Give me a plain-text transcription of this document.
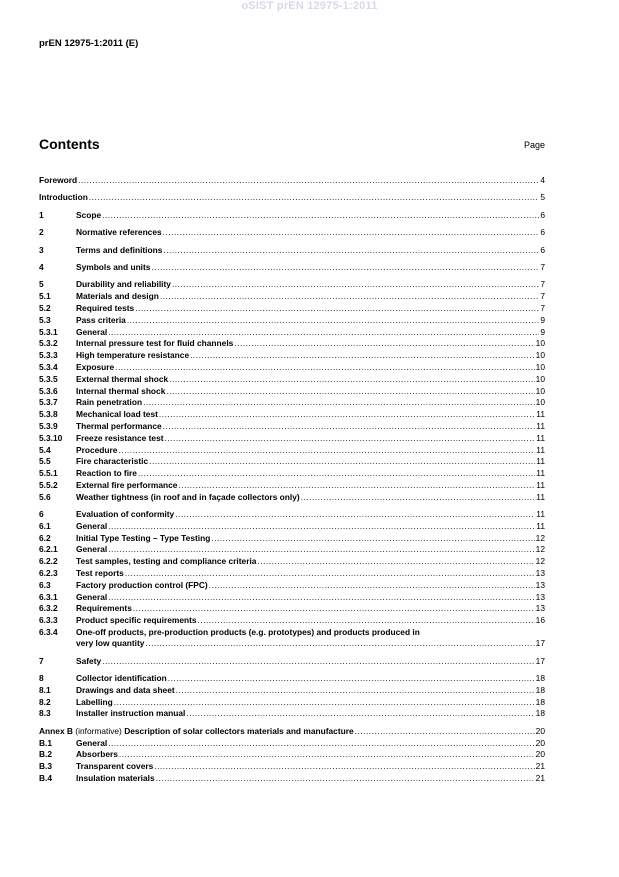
oSIST prEN 12975-1:2011
prEN 12975-1:2011 (E)
Contents	Page
Foreword .....	4
Introduction .....	5
1	Scope .....	6
2	Normative references .....	6
3	Terms and definitions .....	6
4	Symbols and units .....	7
5	Durability and reliability .....	7
5.1	Materials and design .....	7
5.2	Required tests .....	7
5.3	Pass criteria .....	9
5.3.1 General .....	9
5.3.2 Internal pressure test for fluid channels .....	10
5.3.3 High temperature resistance .....	10
5.3.4 Exposure .....	10
5.3.5 External thermal shock .....	10
5.3.6 Internal thermal shock .....	10
5.3.7 Rain penetration .....	10
5.3.8 Mechanical load test .....	11
5.3.9 Thermal performance .....	11
5.3.10 Freeze resistance test .....	11
5.4	Procedure .....	11
5.5	Fire characteristic .....	11
5.5.1 Reaction to fire .....	11
5.5.2 External fire performance .....	11
5.6	Weather tightness (in roof and in façade collectors only) .....	11
6	Evaluation of conformity .....	11
6.1	General .....	11
6.2	Initial Type Testing – Type Testing .....	12
6.2.1 General .....	12
6.2.2 Test samples, testing and compliance criteria .....	12
6.2.3 Test reports .....	13
6.3	Factory production control (FPC) .....	13
6.3.1 General .....	13
6.3.2 Requirements .....	13
6.3.3 Product specific requirements .....	16
6.3.4 One-off products, pre-production products (e.g. prototypes) and products produced in
very low quantity .....	17
7	Safety .....	17
8	Collector identification .....	18
8.1	Drawings and data sheet .....	18
8.2	Labelling .....	18
8.3	Installer instruction manual .....	18
Annex B (informative) Description of solar collectors materials and manufacture .....	20
B.1	General .....	20
B.2	Absorbers .....	20
B.3	Transparent covers .....	21
B.4	Insulation materials .....	21
